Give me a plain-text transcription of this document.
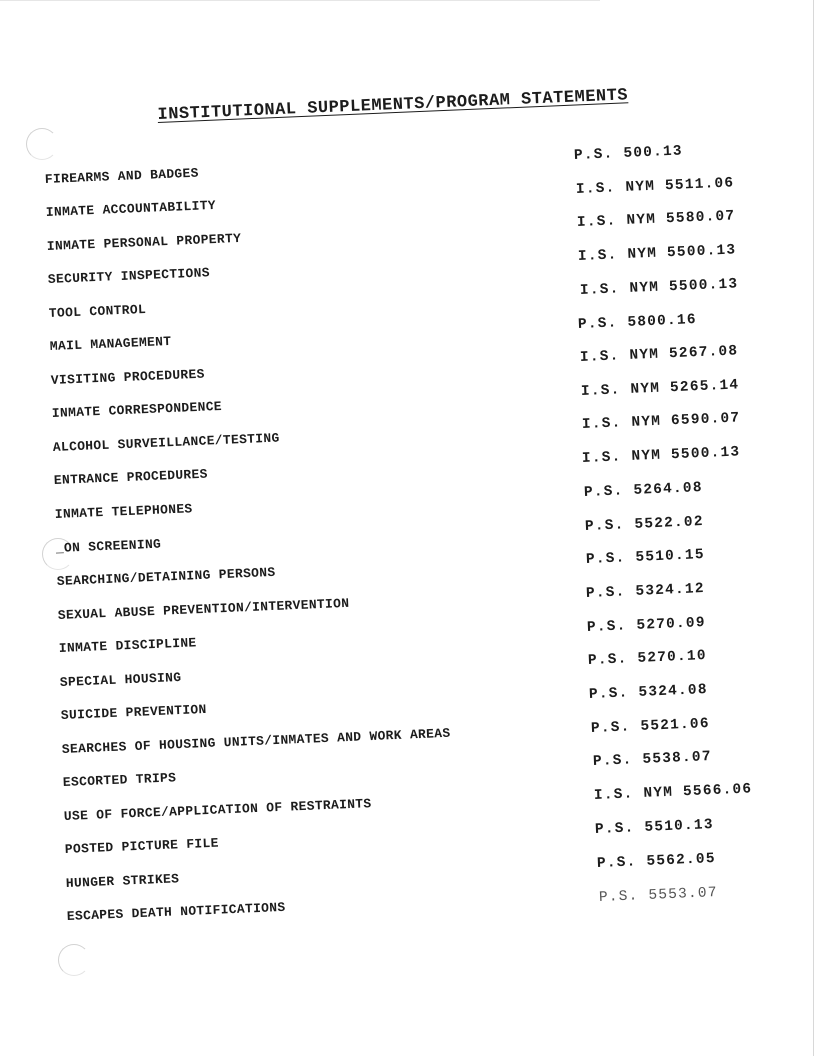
INSTITUTIONAL SUPPLEMENTS/PROGRAM STATEMENTS
FIREARMS AND BADGES
INMATE ACCOUNTABILITY
INMATE PERSONAL PROPERTY
SECURITY INSPECTIONS
TOOL CONTROL
MAIL MANAGEMENT
VISITING PROCEDURES
INMATE CORRESPONDENCE
ALCOHOL SURVEILLANCE/TESTING
ENTRANCE PROCEDURES
INMATE TELEPHONES
_ON SCREENING
SEARCHING/DETAINING PERSONS
SEXUAL ABUSE PREVENTION/INTERVENTION
INMATE DISCIPLINE
SPECIAL HOUSING
SUICIDE PREVENTION
SEARCHES OF HOUSING UNITS/INMATES AND WORK AREAS
ESCORTED TRIPS
USE OF FORCE/APPLICATION OF RESTRAINTS
POSTED PICTURE FILE
HUNGER STRIKES
ESCAPES DEATH NOTIFICATIONS
P.S. 500.13
I.S. NYM 5511.06
I.S. NYM 5580.07
I.S. NYM 5500.13
I.S. NYM 5500.13
P.S. 5800.16
I.S. NYM 5267.08
I.S. NYM 5265.14
I.S. NYM 6590.07
I.S. NYM 5500.13
P.S. 5264.08
P.S. 5522.02
P.S. 5510.15
P.S. 5324.12
P.S. 5270.09
P.S. 5270.10
P.S. 5324.08
P.S. 5521.06
P.S. 5538.07
I.S. NYM 5566.06
P.S. 5510.13
P.S. 5562.05
P.S. 5553.07
